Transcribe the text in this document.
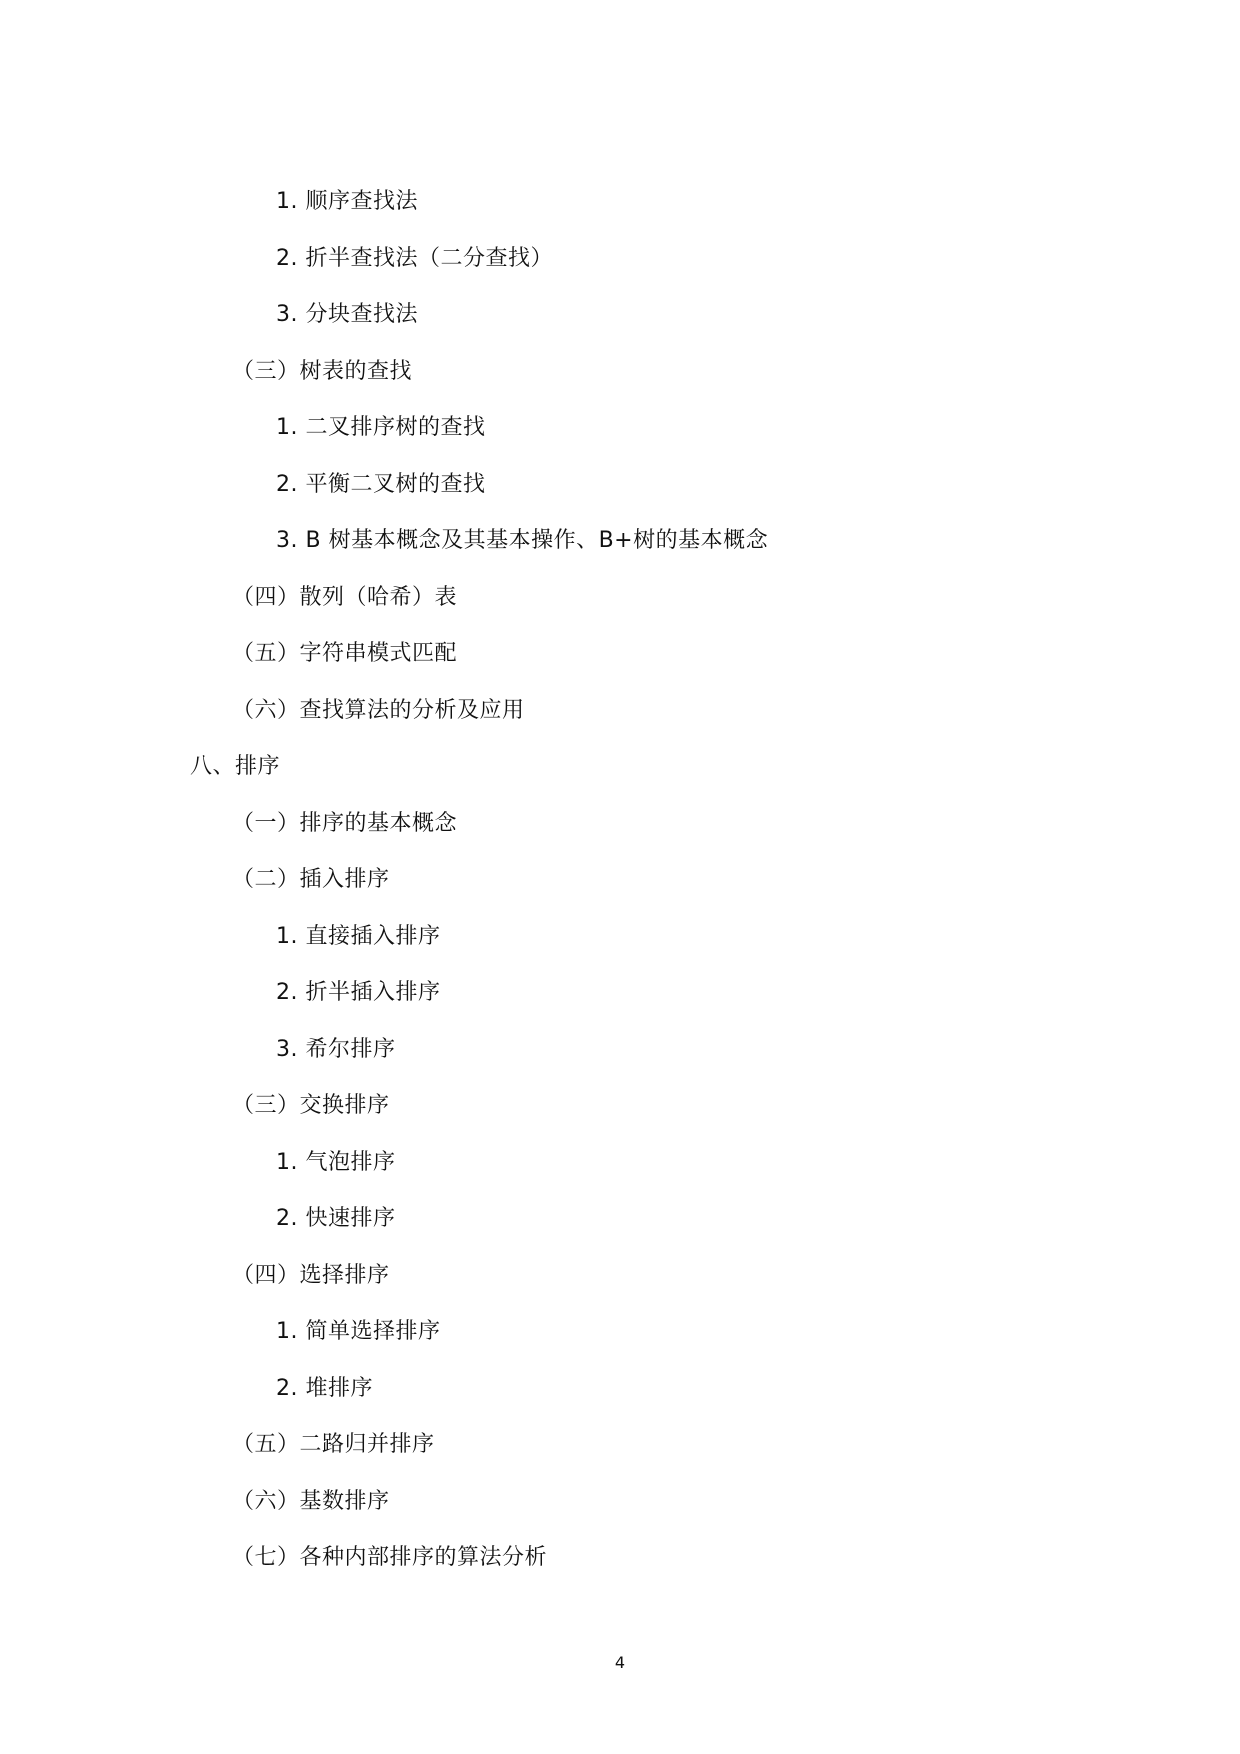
1. 顺序查找法
2. 折半查找法（二分查找）
3. 分块查找法
（三）树表的查找
1. 二叉排序树的查找
2. 平衡二叉树的查找
3. B 树基本概念及其基本操作、B+树的基本概念
（四）散列（哈希）表
（五）字符串模式匹配
（六）查找算法的分析及应用
八、排序
（一）排序的基本概念
（二）插入排序
1. 直接插入排序
2. 折半插入排序
3. 希尔排序
（三）交换排序
1. 气泡排序
2. 快速排序
（四）选择排序
1. 简单选择排序
2. 堆排序
（五）二路归并排序
（六）基数排序
（七）各种内部排序的算法分析
4
